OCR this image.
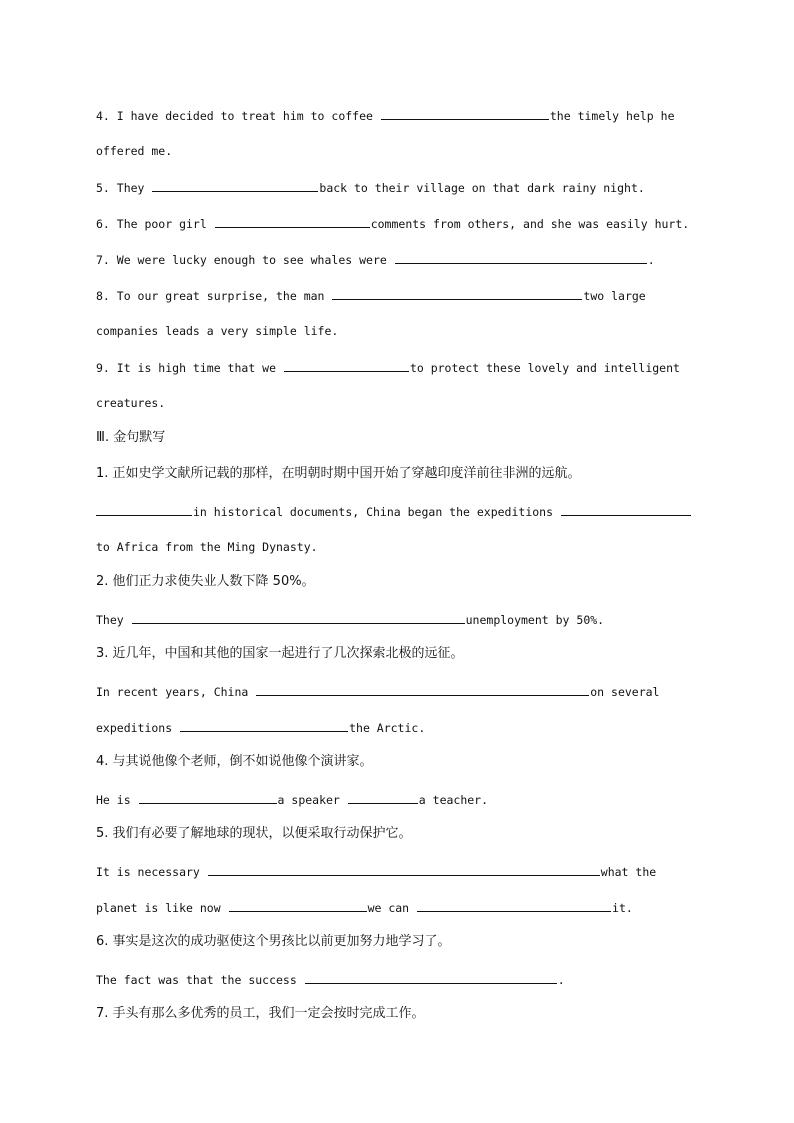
4. I have decided to treat him to coffee	the timely help he
offered me.
5. They	back to their village on that dark rainy night.
6. The poor girl	comments from others, and she was easily hurt.
7. We were lucky enough to see whales were	.
8. To our great surprise, the man	two large
companies leads a very simple life.
9. It is high time that we	to protect these lovely and intelligent
creatures.
Ⅲ. 金句默写
1. 正如史学文献所记载的那样，在明朝时期中国开始了穿越印度洋前往非洲的远航。
in historical documents, China began the expeditions
to Africa from the Ming Dynasty.
2. 他们正力求使失业人数下降 50%。
They	unemployment by 50%.
3. 近几年，中国和其他的国家一起进行了几次探索北极的远征。
In recent years, China	on several
expeditions	the Arctic.
4. 与其说他像个老师，倒不如说他像个演讲家。
He is	a speaker	a teacher.
5. 我们有必要了解地球的现状，以便采取行动保护它。
It is necessary	what the
planet is like now	we can	it.
6. 事实是这次的成功驱使这个男孩比以前更加努力地学习了。
The fact was that the success	.
7. 手头有那么多优秀的员工，我们一定会按时完成工作。
